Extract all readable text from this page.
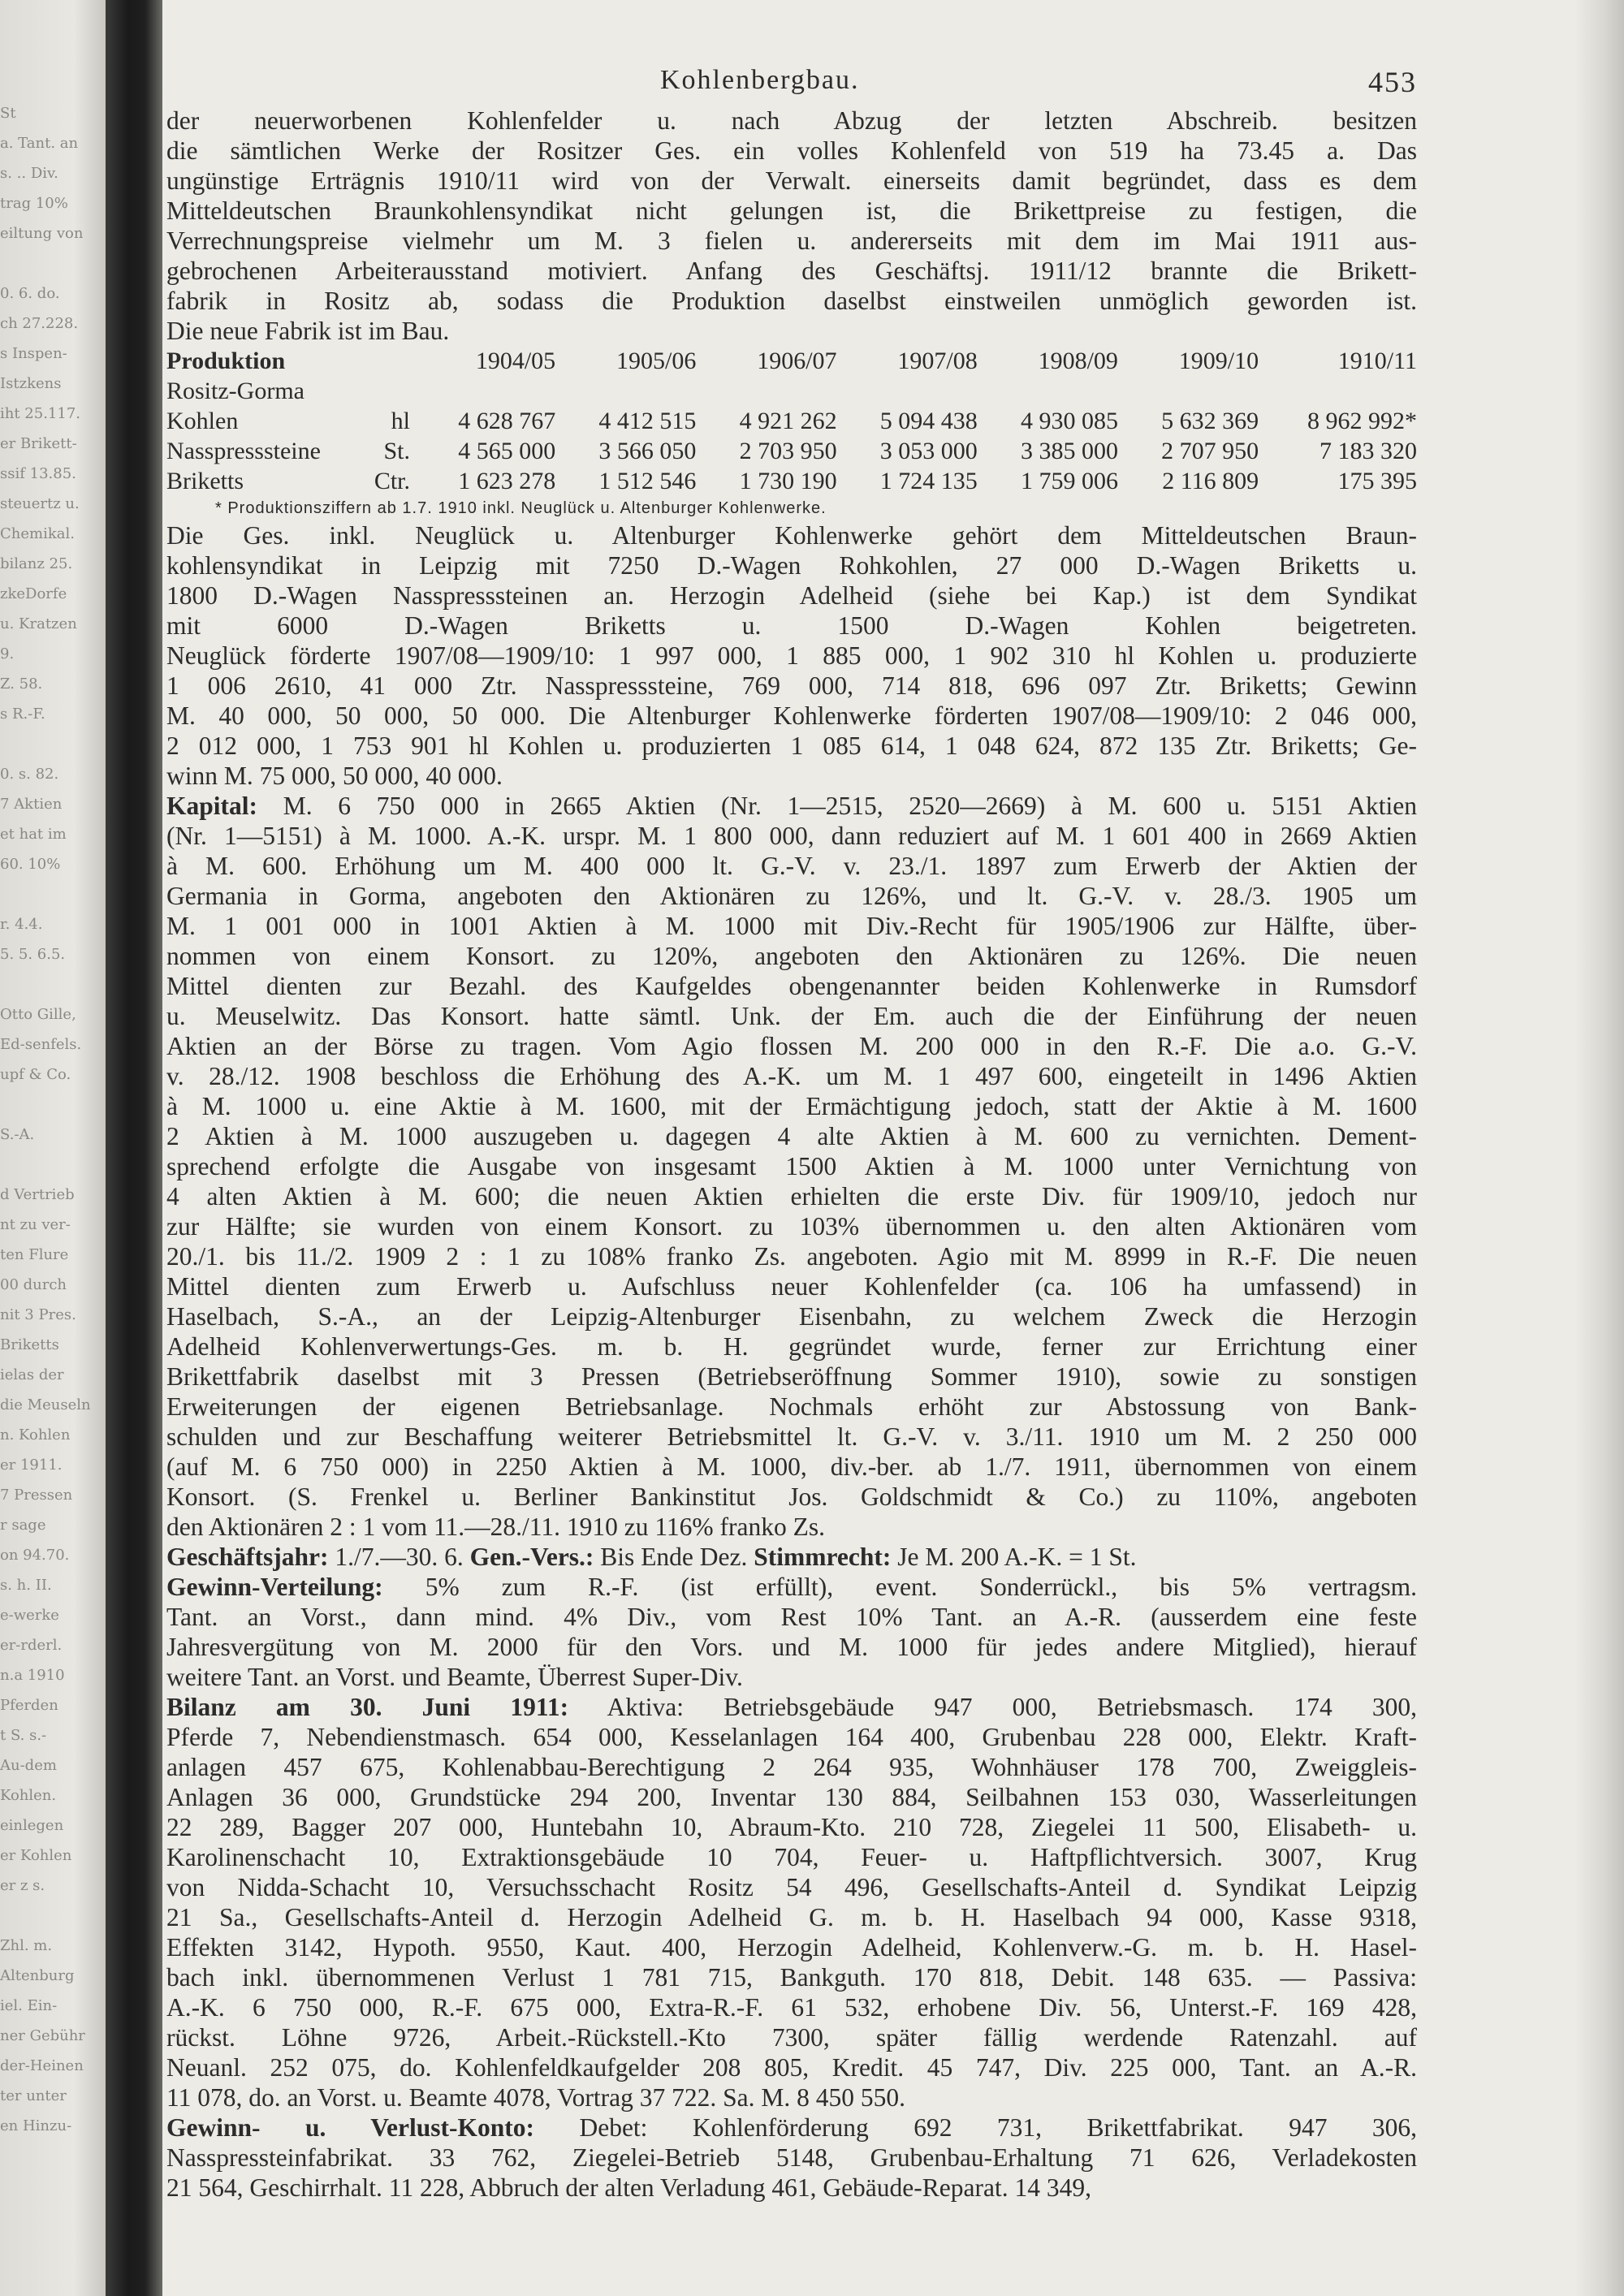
St
a. Tant. an
s. .. Div.
trag 10%
eiltung von
0. 6. do.
ch 27.228.
s Inspen-
Istzkens
iht 25.117.
er Brikett-
ssif 13.85.
steuertz u.
Chemikal.
bilanz 25.
zkeDorfe
u. Kratzen
9.
Z. 58.
s R.-F.
0. s. 82.
7 Aktien
et hat im
60. 10%
r. 4.4.
5. 5. 6.5.
Otto Gille,
Ed-senfels.
upf & Co.
S.-A.
d Vertrieb
nt zu ver-
ten Flure
00 durch
nit 3 Pres.
Briketts
ielas der
die Meuseln
n. Kohlen
er 1911.
7 Pressen
r sage
on 94.70.
s. h. II.
e-werke
er-rderl.
n.a 1910
Pferden
t S. s.-
Au-dem
Kohlen.
einlegen
er Kohlen
er z s.
Zhl. m.
Altenburg
iel. Ein-
ner Gebühr
der-Heinen
ter unter
en Hinzu-
Kohlenbergbau.	453
der neuerworbenen Kohlenfelder u. nach Abzug der letzten Abschreib. besitzen
die sämtlichen Werke der Rositzer Ges. ein volles Kohlenfeld von 519 ha 73.45 a. Das
ungünstige Erträgnis 1910/11 wird von der Verwalt. einerseits damit begründet, dass es dem
Mitteldeutschen Braunkohlensyndikat nicht gelungen ist, die Brikettpreise zu festigen, die
Verrechnungspreise vielmehr um M. 3 fielen u. andererseits mit dem im Mai 1911 aus-
gebrochenen Arbeiterausstand motiviert. Anfang des Geschäftsj. 1911/12 brannte die Brikett-
fabrik in Rositz ab, sodass die Produktion daselbst einstweilen unmöglich geworden ist.
Die neue Fabrik ist im Bau.
Produktion		1904/05	1905/06	1906/07	1907/08	1908/09	1909/10	1910/11
Rositz-Gorma								
Kohlen	hl	4 628 767	4 412 515	4 921 262	5 094 438	4 930 085	5 632 369	8 962 992*
Nasspresssteine	St.	4 565 000	3 566 050	2 703 950	3 053 000	3 385 000	2 707 950	7 183 320
Briketts	Ctr.	1 623 278	1 512 546	1 730 190	1 724 135	1 759 006	2 116 809	175 395
* Produktionsziffern ab 1.7. 1910 inkl. Neuglück u. Altenburger Kohlenwerke.
Die Ges. inkl. Neuglück u. Altenburger Kohlenwerke gehört dem Mitteldeutschen Braun-
kohlensyndikat in Leipzig mit 7250 D.-Wagen Rohkohlen, 27 000 D.-Wagen Briketts u.
1800 D.-Wagen Nasspresssteinen an. Herzogin Adelheid (siehe bei Kap.) ist dem Syndikat
mit 6000 D.-Wagen Briketts u. 1500 D.-Wagen Kohlen beigetreten.
Neuglück förderte 1907/08—1909/10: 1 997 000, 1 885 000, 1 902 310 hl Kohlen u. produzierte
1 006 2610, 41 000 Ztr. Nasspresssteine, 769 000, 714 818, 696 097 Ztr. Briketts; Gewinn
M. 40 000, 50 000, 50 000. Die Altenburger Kohlenwerke förderten 1907/08—1909/10: 2 046 000,
2 012 000, 1 753 901 hl Kohlen u. produzierten 1 085 614, 1 048 624, 872 135 Ztr. Briketts; Ge-
winn M. 75 000, 50 000, 40 000.
Kapital: M. 6 750 000 in 2665 Aktien (Nr. 1—2515, 2520—2669) à M. 600 u. 5151 Aktien
(Nr. 1—5151) à M. 1000. A.-K. urspr. M. 1 800 000, dann reduziert auf M. 1 601 400 in 2669 Aktien
à M. 600. Erhöhung um M. 400 000 lt. G.-V. v. 23./1. 1897 zum Erwerb der Aktien der
Germania in Gorma, angeboten den Aktionären zu 126%, und lt. G.-V. v. 28./3. 1905 um
M. 1 001 000 in 1001 Aktien à M. 1000 mit Div.-Recht für 1905/1906 zur Hälfte, über-
nommen von einem Konsort. zu 120%, angeboten den Aktionären zu 126%. Die neuen
Mittel dienten zur Bezahl. des Kaufgeldes obengenannter beiden Kohlenwerke in Rumsdorf
u. Meuselwitz. Das Konsort. hatte sämtl. Unk. der Em. auch die der Einführung der neuen
Aktien an der Börse zu tragen. Vom Agio flossen M. 200 000 in den R.-F. Die a.o. G.-V.
v. 28./12. 1908 beschloss die Erhöhung des A.-K. um M. 1 497 600, eingeteilt in 1496 Aktien
à M. 1000 u. eine Aktie à M. 1600, mit der Ermächtigung jedoch, statt der Aktie à M. 1600
2 Aktien à M. 1000 auszugeben u. dagegen 4 alte Aktien à M. 600 zu vernichten. Dement-
sprechend erfolgte die Ausgabe von insgesamt 1500 Aktien à M. 1000 unter Vernichtung von
4 alten Aktien à M. 600; die neuen Aktien erhielten die erste Div. für 1909/10, jedoch nur
zur Hälfte; sie wurden von einem Konsort. zu 103% übernommen u. den alten Aktionären vom
20./1. bis 11./2. 1909 2 : 1 zu 108% franko Zs. angeboten. Agio mit M. 8999 in R.-F. Die neuen
Mittel dienten zum Erwerb u. Aufschluss neuer Kohlenfelder (ca. 106 ha umfassend) in
Haselbach, S.-A., an der Leipzig-Altenburger Eisenbahn, zu welchem Zweck die Herzogin
Adelheid Kohlenverwertungs-Ges. m. b. H. gegründet wurde, ferner zur Errichtung einer
Brikettfabrik daselbst mit 3 Pressen (Betriebseröffnung Sommer 1910), sowie zu sonstigen
Erweiterungen der eigenen Betriebsanlage. Nochmals erhöht zur Abstossung von Bank-
schulden und zur Beschaffung weiterer Betriebsmittel lt. G.-V. v. 3./11. 1910 um M. 2 250 000
(auf M. 6 750 000) in 2250 Aktien à M. 1000, div.-ber. ab 1./7. 1911, übernommen von einem
Konsort. (S. Frenkel u. Berliner Bankinstitut Jos. Goldschmidt & Co.) zu 110%, angeboten
den Aktionären 2 : 1 vom 11.—28./11. 1910 zu 116% franko Zs.
Geschäftsjahr: 1./7.—30. 6. Gen.-Vers.: Bis Ende Dez. Stimmrecht: Je M. 200 A.-K. = 1 St.
Gewinn-Verteilung: 5% zum R.-F. (ist erfüllt), event. Sonderrückl., bis 5% vertragsm.
Tant. an Vorst., dann mind. 4% Div., vom Rest 10% Tant. an A.-R. (ausserdem eine feste
Jahresvergütung von M. 2000 für den Vors. und M. 1000 für jedes andere Mitglied), hierauf
weitere Tant. an Vorst. und Beamte, Überrest Super-Div.
Bilanz am 30. Juni 1911: Aktiva: Betriebsgebäude 947 000, Betriebsmasch. 174 300,
Pferde 7, Nebendienstmasch. 654 000, Kesselanlagen 164 400, Grubenbau 228 000, Elektr. Kraft-
anlagen 457 675, Kohlenabbau-Berechtigung 2 264 935, Wohnhäuser 178 700, Zweiggleis-
Anlagen 36 000, Grundstücke 294 200, Inventar 130 884, Seilbahnen 153 030, Wasserleitungen
22 289, Bagger 207 000, Huntebahn 10, Abraum-Kto. 210 728, Ziegelei 11 500, Elisabeth- u.
Karolinenschacht 10, Extraktionsgebäude 10 704, Feuer- u. Haftpflichtversich. 3007, Krug
von Nidda-Schacht 10, Versuchsschacht Rositz 54 496, Gesellschafts-Anteil d. Syndikat Leipzig
21 Sa., Gesellschafts-Anteil d. Herzogin Adelheid G. m. b. H. Haselbach 94 000, Kasse 9318,
Effekten 3142, Hypoth. 9550, Kaut. 400, Herzogin Adelheid, Kohlenverw.-G. m. b. H. Hasel-
bach inkl. übernommenen Verlust 1 781 715, Bankguth. 170 818, Debit. 148 635. — Passiva:
A.-K. 6 750 000, R.-F. 675 000, Extra-R.-F. 61 532, erhobene Div. 56, Unterst.-F. 169 428,
rückst. Löhne 9726, Arbeit.-Rückstell.-Kto 7300, später fällig werdende Ratenzahl. auf
Neuanl. 252 075, do. Kohlenfeldkaufgelder 208 805, Kredit. 45 747, Div. 225 000, Tant. an A.-R.
11 078, do. an Vorst. u. Beamte 4078, Vortrag 37 722. Sa. M. 8 450 550.
Gewinn- u. Verlust-Konto: Debet: Kohlenförderung 692 731, Brikettfabrikat. 947 306,
Nasspressteinfabrikat. 33 762, Ziegelei-Betrieb 5148, Grubenbau-Erhaltung 71 626, Verladekosten
21 564, Geschirrhalt. 11 228, Abbruch der alten Verladung 461, Gebäude-Reparat. 14 349,
